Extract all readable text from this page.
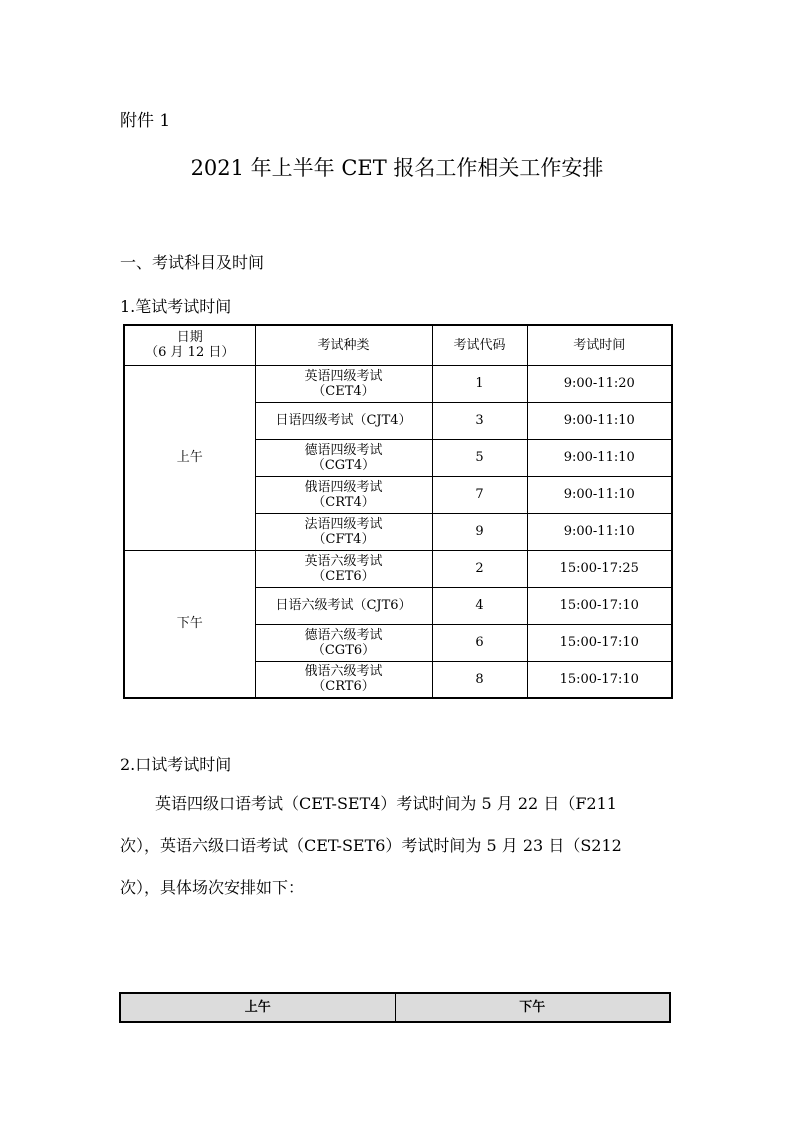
附件 1
2021 年上半年 CET 报名工作相关工作安排
一、考试科目及时间
1.笔试考试时间
日期
（6 月 12 日）	考试种类	考试代码	考试时间
上午	英语四级考试
（CET4）	1	9:00-11:20

	日语四级考试（CJT4）	3	9:00-11:10

	德语四级考试
（CGT4）	5	9:00-11:10

	俄语四级考试
（CRT4）	7	9:00-11:10

	法语四级考试
（CFT4）	9	9:00-11:10
下午	英语六级考试
（CET6）	2	15:00-17:25

	日语六级考试（CJT6）	4	15:00-17:10

	德语六级考试
（CGT6）	6	15:00-17:10

	俄语六级考试
（CRT6）	8	15:00-17:10
2.口试考试时间
英语四级口语考试（CET-SET4）考试时间为 5 月 22 日（F211
次），英语六级口语考试（CET-SET6）考试时间为 5 月 23 日（S212
次），具体场次安排如下：
上午	下午
